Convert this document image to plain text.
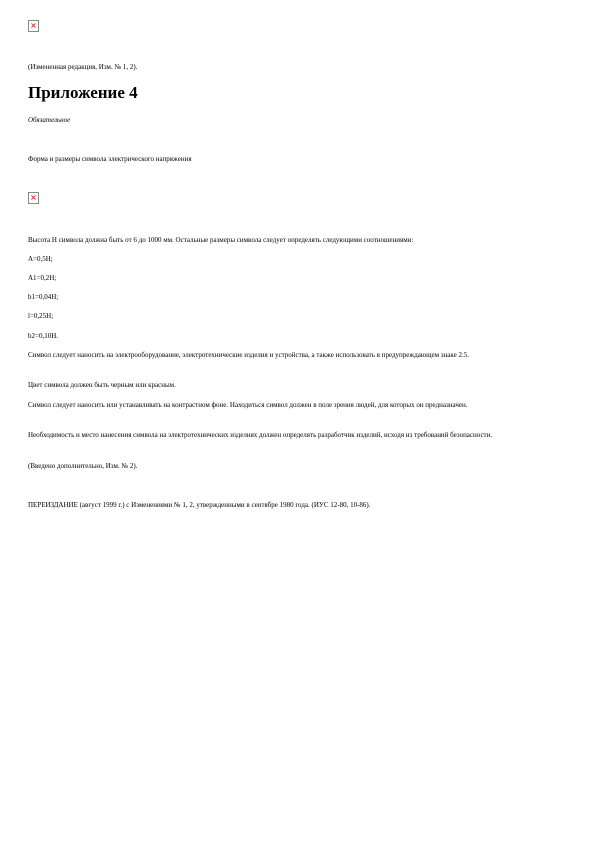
×

(Измененная редакция, Изм. № 1, 2).

Приложение 4

Обязательное

Форма и размеры символа электрического напряжения

×

Высота Н символа должна быть от 6 до 1000 мм. Остальные размеры символа следует определять следующими соотношениями:

А=0,5Н;

А1=0,2Н;

b1=0,04Н;

l=0,25Н;

b2=0,10Н.

Символ следует наносить на электрооборудование, электротехнические изделия и устройства, а также использовать в предупреждающем знаке 2.5.

Цвет символа должен быть черным или красным.

Символ следует наносить или устанавливать на контрастном фоне. Находиться символ должен в поле зрения людей, для которых он предназначен.

Необходимость и место нанесения символа на электротехнических изделиях должен определять разработчик изделий, исходя из требований безопасности.

(Введено дополнительно, Изм. № 2).

ПЕРЕИЗДАНИЕ (август 1999 г.) с Изменениями № 1, 2, утвержденными в сентябре 1980 года. (ИУС 12-80, 10-86).
